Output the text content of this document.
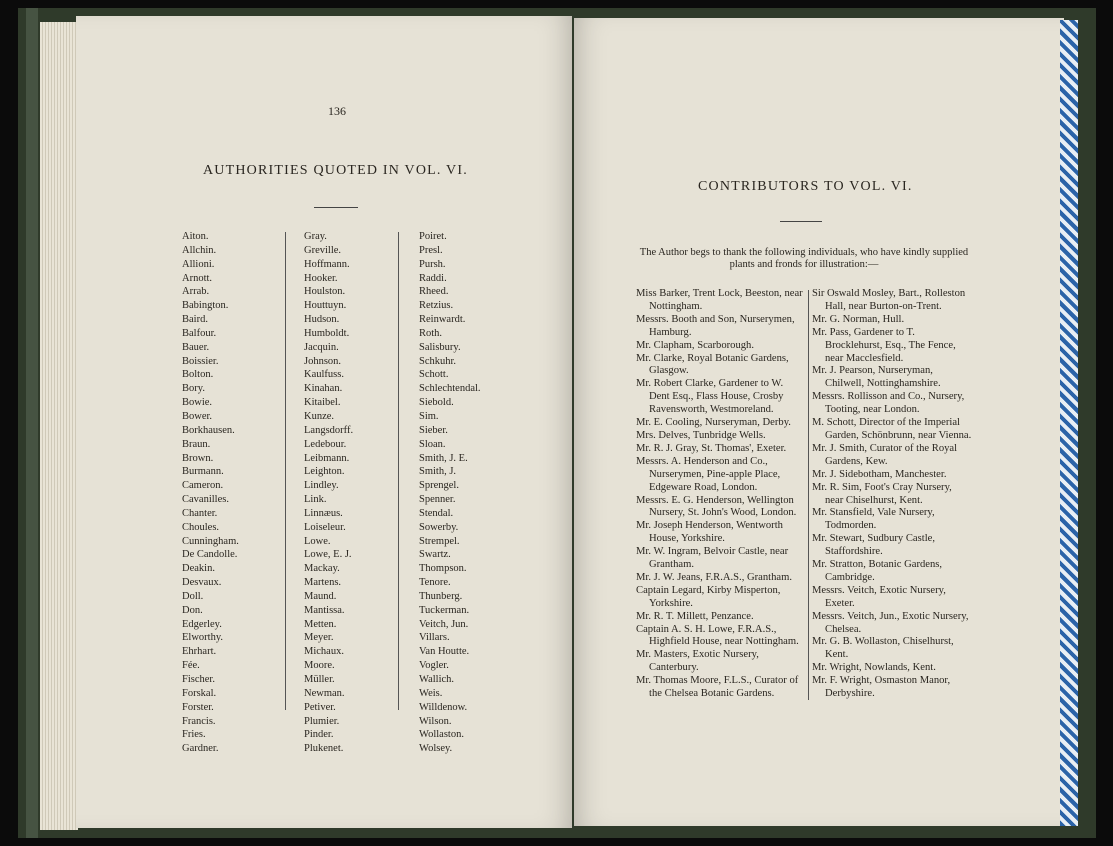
136
AUTHORITIES QUOTED IN VOL. VI.
Aiton.
Allchin.
Allioni.
Arnott.
Arrab.
Babington.
Baird.
Balfour.
Bauer.
Boissier.
Bolton.
Bory.
Bowie.
Bower.
Borkhausen.
Braun.
Brown.
Burmann.
Cameron.
Cavanilles.
Chanter.
Choules.
Cunningham.
De Candolle.
Deakin.
Desvaux.
Doll.
Don.
Edgerley.
Elworthy.
Ehrhart.
Fée.
Fischer.
Forskal.
Forster.
Francis.
Fries.
Gardner.
Gray.
Greville.
Hoffmann.
Hooker.
Houlston.
Houttuyn.
Hudson.
Humboldt.
Jacquin.
Johnson.
Kaulfuss.
Kinahan.
Kitaibel.
Kunze.
Langsdorff.
Ledebour.
Leibmann.
Leighton.
Lindley.
Link.
Linnæus.
Loiseleur.
Lowe.
Lowe, E. J.
Mackay.
Martens.
Maund.
Mantissa.
Metten.
Meyer.
Michaux.
Moore.
Müller.
Newman.
Petiver.
Plumier.
Pinder.
Plukenet.
Poiret.
Presl.
Pursh.
Raddi.
Rheed.
Retzius.
Reinwardt.
Roth.
Salisbury.
Schkuhr.
Schott.
Schlechtendal.
Siebold.
Sim.
Sieber.
Sloan.
Smith, J. E.
Smith, J.
Sprengel.
Spenner.
Stendal.
Sowerby.
Strempel.
Swartz.
Thompson.
Tenore.
Thunberg.
Tuckerman.
Veitch, Jun.
Villars.
Van Houtte.
Vogler.
Wallich.
Weis.
Willdenow.
Wilson.
Wollaston.
Wolsey.
CONTRIBUTORS TO VOL. VI.
The Author begs to thank the following individuals, who have kindly supplied plants and fronds for illustration:—
Miss Barker, Trent Lock, Beeston, near Nottingham.
Messrs. Booth and Son, Nurserymen, Hamburg.
Mr. Clapham, Scarborough.
Mr. Clarke, Royal Botanic Gardens, Glasgow.
Mr. Robert Clarke, Gardener to W. Dent Esq., Flass House, Crosby Ravensworth, Westmoreland.
Mr. E. Cooling, Nurseryman, Derby.
Mrs. Delves, Tunbridge Wells.
Mr. R. J. Gray, St. Thomas', Exeter.
Messrs. A. Henderson and Co., Nurserymen, Pine-apple Place, Edgeware Road, London.
Messrs. E. G. Henderson, Wellington Nursery, St. John's Wood, London.
Mr. Joseph Henderson, Wentworth House, Yorkshire.
Mr. W. Ingram, Belvoir Castle, near Grantham.
Mr. J. W. Jeans, F.R.A.S., Grantham.
Captain Legard, Kirby Misperton, Yorkshire.
Mr. R. T. Millett, Penzance.
Captain A. S. H. Lowe, F.R.A.S., Highfield House, near Nottingham.
Mr. Masters, Exotic Nursery, Canterbury.
Mr. Thomas Moore, F.L.S., Curator of the Chelsea Botanic Gardens.
Sir Oswald Mosley, Bart., Rolleston Hall, near Burton-on-Trent.
Mr. G. Norman, Hull.
Mr. Pass, Gardener to T. Brocklehurst, Esq., The Fence, near Macclesfield.
Mr. J. Pearson, Nurseryman, Chilwell, Nottinghamshire.
Messrs. Rollisson and Co., Nursery, Tooting, near London.
M. Schott, Director of the Imperial Garden, Schönbrunn, near Vienna.
Mr. J. Smith, Curator of the Royal Gardens, Kew.
Mr. J. Sidebotham, Manchester.
Mr. R. Sim, Foot's Cray Nursery, near Chiselhurst, Kent.
Mr. Stansfield, Vale Nursery, Todmorden.
Mr. Stewart, Sudbury Castle, Staffordshire.
Mr. Stratton, Botanic Gardens, Cambridge.
Messrs. Veitch, Exotic Nursery, Exeter.
Messrs. Veitch, Jun., Exotic Nursery, Chelsea.
Mr. G. B. Wollaston, Chiselhurst, Kent.
Mr. Wright, Nowlands, Kent.
Mr. F. Wright, Osmaston Manor, Derbyshire.
